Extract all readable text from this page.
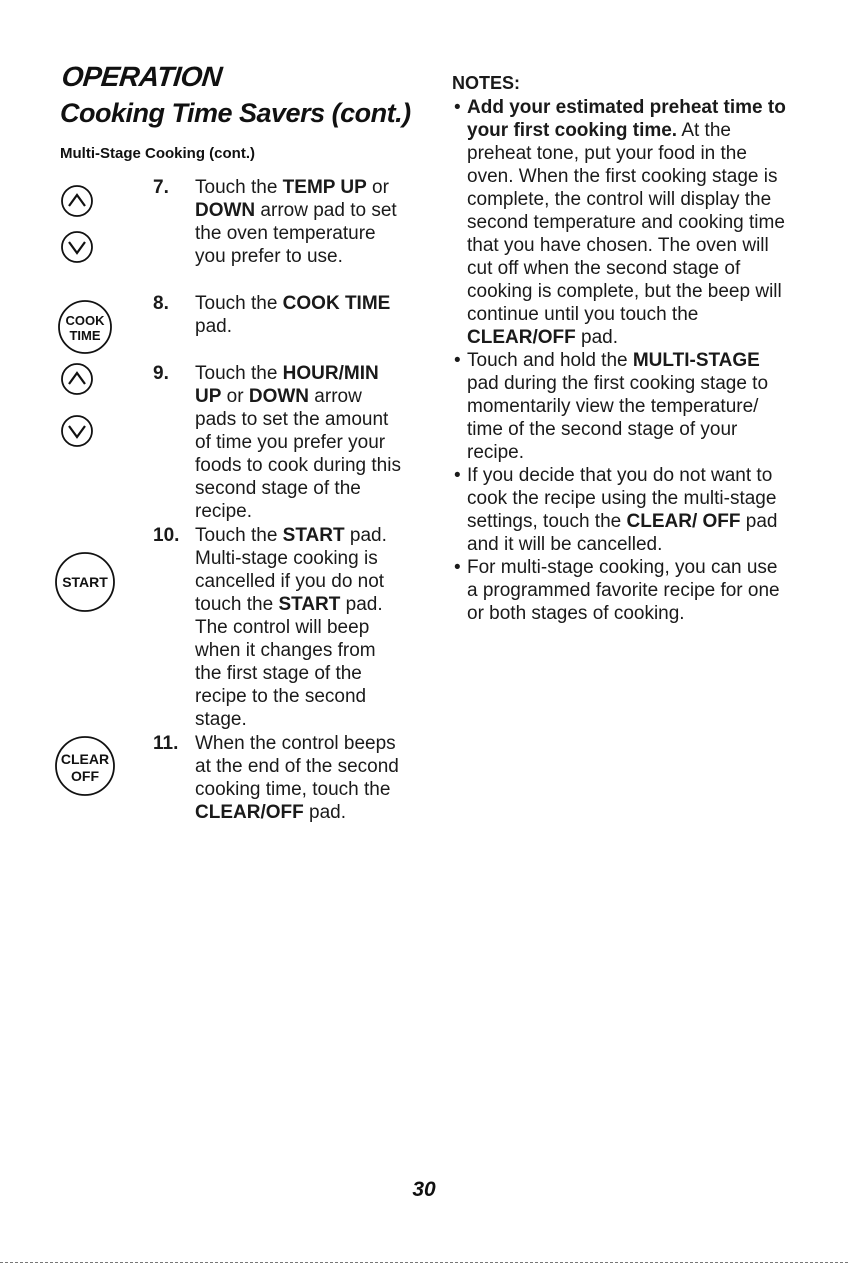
OPERATION
Cooking Time Savers (cont.)
Multi-Stage Cooking (cont.)
COOK
TIME
START
CLEAR
OFF
7.	Touch the TEMP UP or DOWN arrow pad to set the oven temperature you prefer to use.
8.	Touch the COOK TIME pad.
9.	Touch the HOUR/MIN UP or DOWN arrow pads to set the amount of time you prefer your foods to cook during this second stage of the recipe.
10. Touch the START pad. Multi-stage cooking is cancelled if you do not touch the START pad. The control will beep when it changes from the first stage of the recipe to the second stage.
11. When the control beeps at the end of the second cooking time, touch the CLEAR/OFF pad.
NOTES:
• Add your estimated preheat time to your first cooking time. At the preheat tone, put your food in the oven. When the first cooking stage is complete, the control will display the second temperature and cooking time that you have chosen. The oven will cut off when the second stage of cooking is complete, but the beep will continue until you touch the CLEAR/OFF pad.
• Touch and hold the MULTI-STAGE pad during the first cooking stage to momentarily view the temperature/ time of the second stage of your recipe.
• If you decide that you do not want to cook the recipe using the multi-stage settings, touch the CLEAR/ OFF pad and it will be cancelled.
• For multi-stage cooking, you can use a programmed favorite recipe for one or both stages of cooking.
30
